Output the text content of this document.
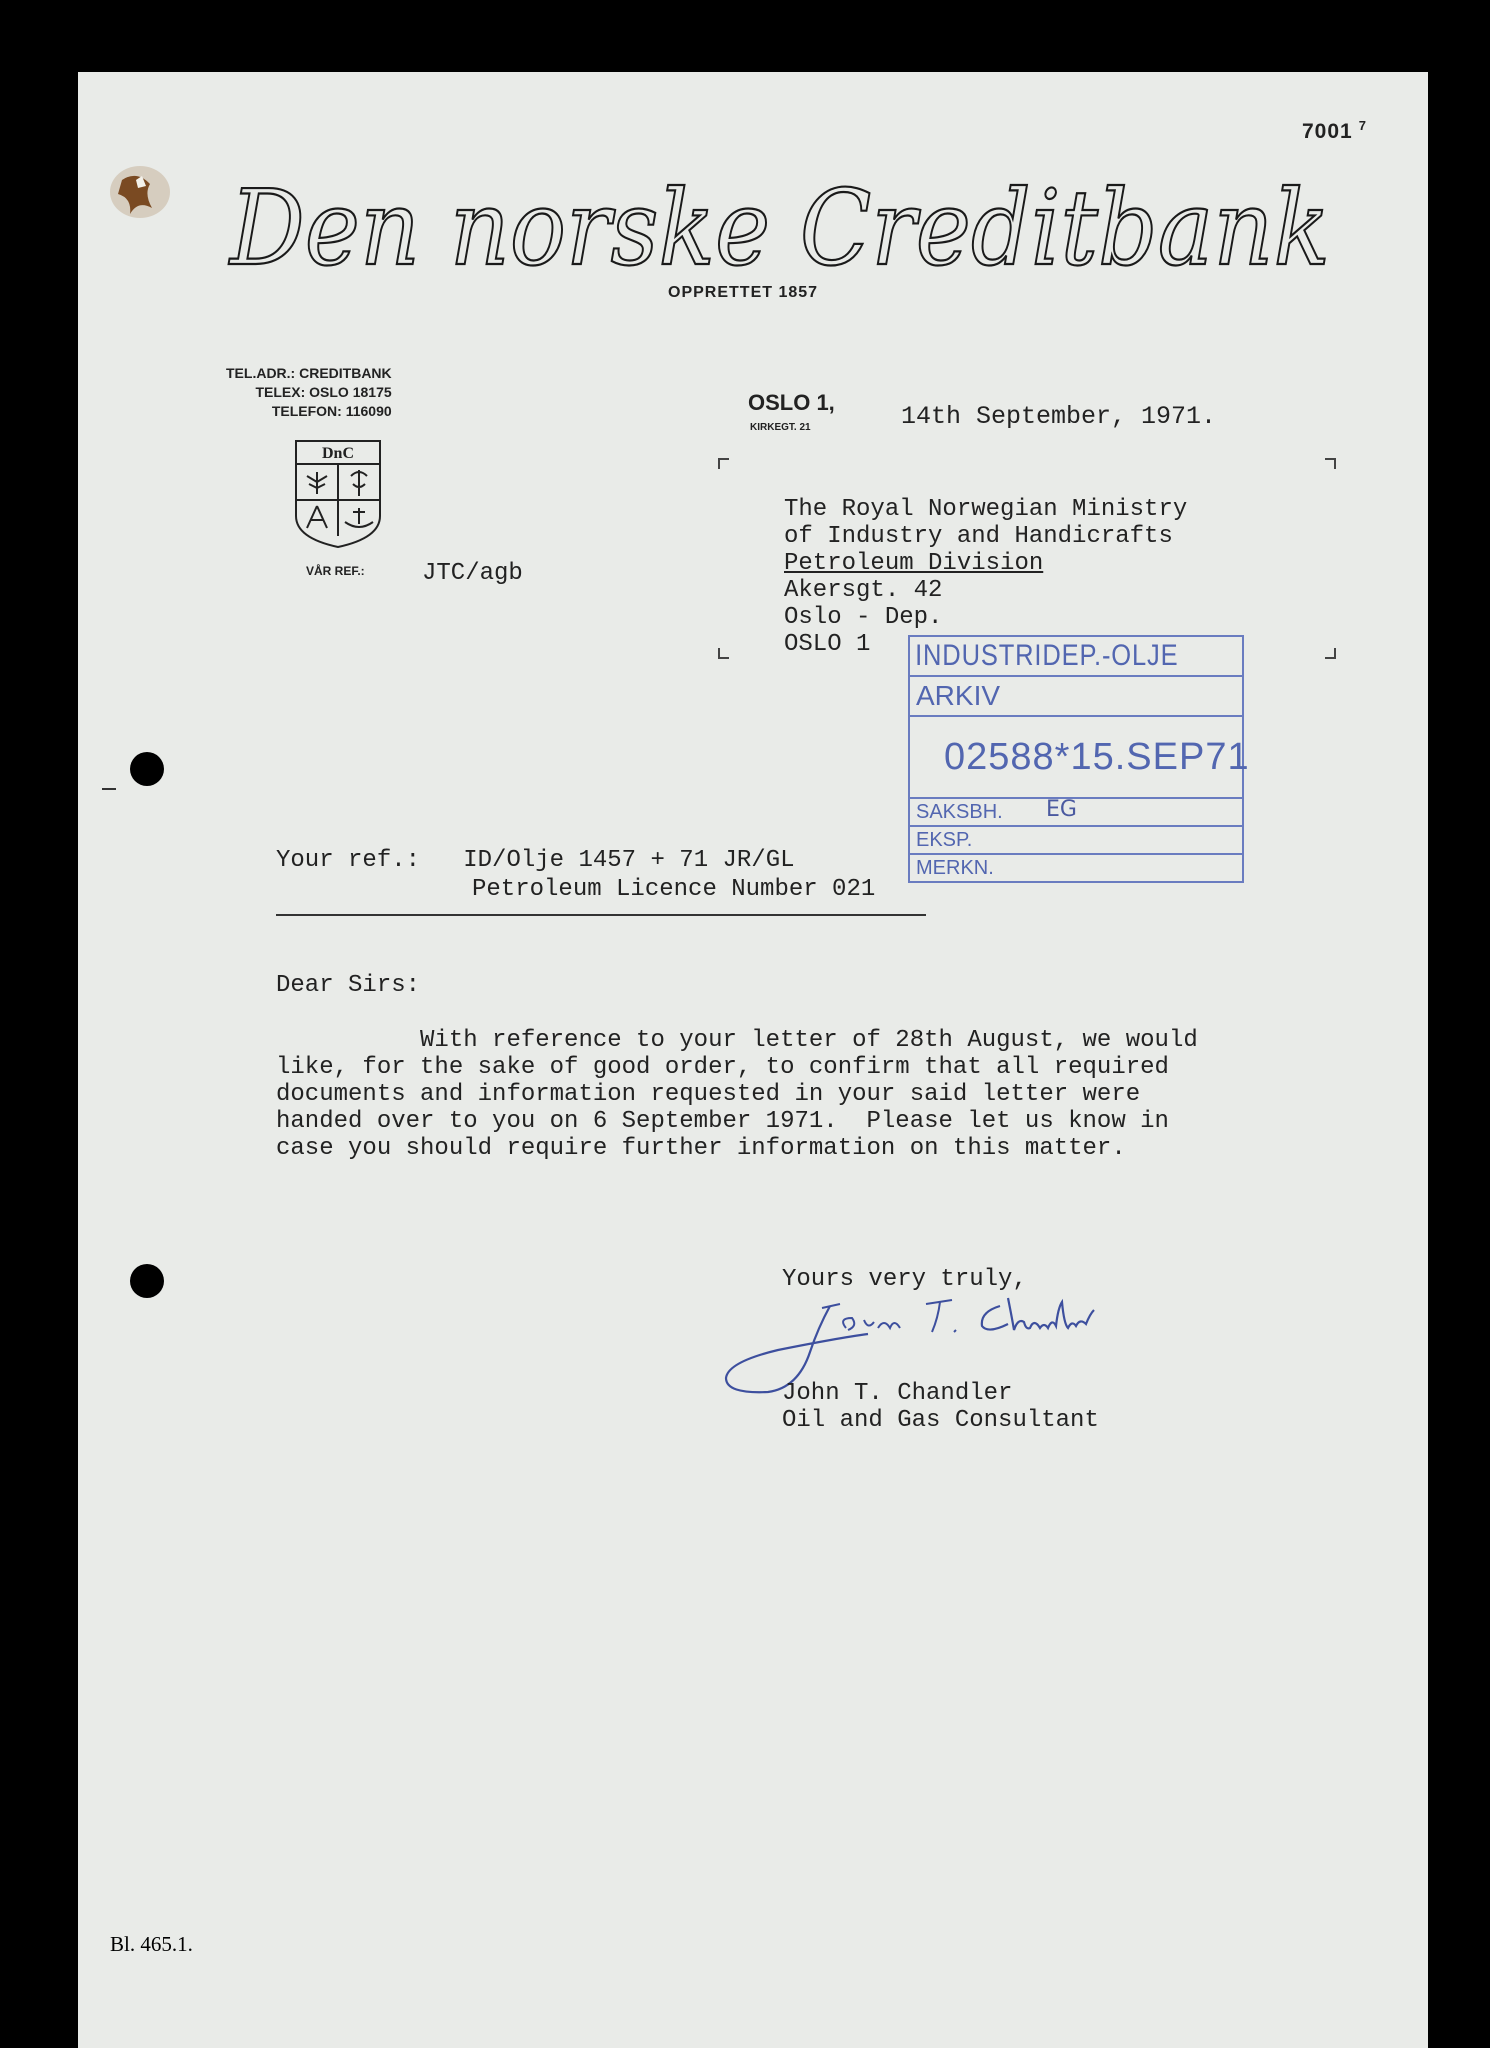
7001 $^7$
Den norske Creditbank
OPPRETTET 1857
TEL.ADR.: CREDITBANK
TELEX: OSLO 18175
TELEFON: 116090
DnC
VÅR REF.: JTC/agb
OSLO 1,
KIRKEGT. 21	14th September, 1971.
The Royal Norwegian Ministry
of Industry and Handicrafts
Petroleum Division
Akersgt. 42
Oslo - Dep.
OSLO 1	INDUSTRIDEP.-OLJE
ARKIV
02588*15.SEP71
SAKSBH. EG
EKSP.
MERKN.
Your ref.: ID/Olje 1457 + 71 JR/GL
Petroleum Licence Number 021
Dear Sirs:
With reference to your letter of 28th August, we would
like, for the sake of good order, to confirm that all required
documents and information requested in your said letter were
handed over to you on 6 September 1971.  Please let us know in
case you should require further information on this matter.
Yours very truly,
John T. Chandler
Oil and Gas Consultant
Bl. 465.1.
